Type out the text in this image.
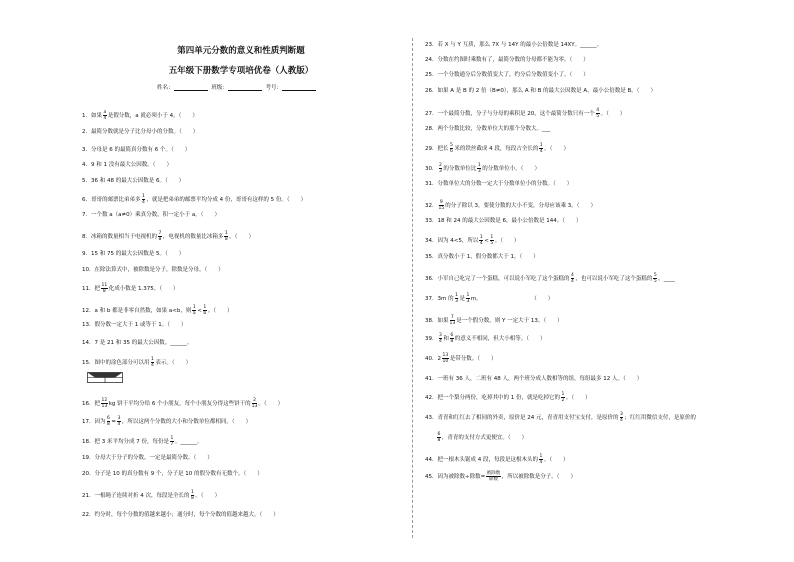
第四单元分数的意义和性质判断题
五年级下册数学专项培优卷（人教版）
姓名：	班级：	考号：
1．如果 $\frac{a}{4}$ 是假分数，a 就必须小于 4。（　　）
2．最简分数就是分子比分母小的分数。（　　）
3．分母是 6 的最简真分数有 6 个。（　　）
4．9 和 1 没有最大公因数。（　　）
5．36 和 48 的最大公因数是 6。（　　）
6．哥哥的邮票比弟弟多 $\frac{1}{4}$ ，就是把弟弟的邮票平均分成 4 份，哥哥有这样的 5 份。（　　）
7．一个数 a（a≠0）乘真分数，积一定小于 a。（　　）
8．冰箱的数量相当于电视机的 $\frac{7}{8}$ ，电视机的数量比冰箱多 $\frac{1}{8}$ 。（　　）
9．15 和 75 的最大公因数是 5。（　　）
10．在除法算式中，被除数是分子，除数是分母。（　　）
11．把 $\frac{11}{8}$ 化成小数是 1.375。（　　）
12．a 和 b 都是非零自然数，如果 a<b，则 $\frac{1}{a} < \frac{1}{b}$ 。（　　）
13．假分数一定大于 1 或等于 1。（　　）
14．7 是 21 和 35 的最大公因数。______。
15．图中的涂色部分可以用 $\frac{1}{4}$ 表示。（　　）
16．把 $\frac{12}{13}$ kg 饼干平均分给 6 个小朋友，每个小朋友分得这些饼干的 $\frac{2}{13}$ 。（　　）
17．因为 $\frac{6}{8} = \frac{3}{4}$ ，所以这两个分数的大小和分数单位都相同。（　　）
18．把 3 米平均分成 7 份，每份是 $\frac{1}{7}$ 。______。
19．分母大于分子的分数，一定是最简分数。（　　）
20．分子是 10 的真分数有 9 个，分子是 10 的假分数有无数个。（　　）
21．一根绳子连续对折 4 次，每段是全长的 $\frac{1}{8}$ 。（　　）
22．约分时，每个分数的值越来越小；通分时，每个分数的值越来越大。（　　）
23．若 X 与 Y 互质，那么 7X 与 14Y 的最小公倍数是 14XY。______。
24．分数在约图时乘数有了，最简分数的分母都不能为零。（　　）
25．一个分数通分后分数值变大了，约分后分数值变小了。（　　）
26．如果 A 是 B 的 2 倍（B≠0），那么 A 和 B 的最大公因数是 A，最小公倍数是 B。（　　）
27．一个最简分数，分子与分母的乘积是 20，这个最简分数只有一个 $\frac{4}{5}$ 。（　　）
28．两个分数比较，分数单位大的那个分数大。___
29．把长 $\frac{5}{6}$ 米的铁丝截成 4 段，每段占全长的 $\frac{1}{4}$ 。（　　）
30． $\frac{2}{3}$ 的分数单位比 $\frac{1}{3}$ 的分数单位小。（　　）
31．分数单位大的分数一定大于分数单位小的分数。（　　）
32． $\frac{9}{15}$ 的分子除以 3，要使分数的大小不变，分母应该乘 3。（　　）
33．18 和 24 的最大公因数是 6，最小公倍数是 144。（　　）
34．因为 4<5，所以 $\frac{1}{4} < \frac{1}{5}$ 。（　　）
35．真分数小于 1，假分数都大于 1。（　　）
36．小军自己吃完了一个蛋糕，可以说小军吃了这个蛋糕的 $\frac{4}{4}$ ，也可以说小军吃了这个蛋糕的 $\frac{5}{5}$ 。____
37．3m 的 $\frac{1}{3}$ 是 $\frac{1}{3}$ m。　　　　　　　　　　（　　）
38．如果 $\frac{7}{13}$ 是一个假分数，则 Y 一定大于 13。（　　）
39． $\frac{3}{4}$ 和 $\frac{6}{8}$ 的意义不相同，但大小相等。（　　）
40．$2 \frac{13}{10}$ 是带分数。（　　）
41．一班有 36 人，二班有 48 人，两个班分成人数相等的组，每组最多 12 人。（　　）
42．把一个梨分两份，吃掉其中的 1 份，就是吃掉它的 $\frac{1}{2}$ 。（　　）
43．青青和红红去了相同的外卖，原价是 24 元，青青用支付宝支付，是原价的 $\frac{3}{4}$ ；红红用微信支付，是原价的

$\frac{6}{8}$ ，青青的支付方式更便宜。（　　）
44．把一根木头锯成 4 段，每段是这根木头的 $\frac{1}{4}$ 。（　　）
45．因为被除数÷除数=
被除数
除数 ，所以被除数是分子。（　　）
